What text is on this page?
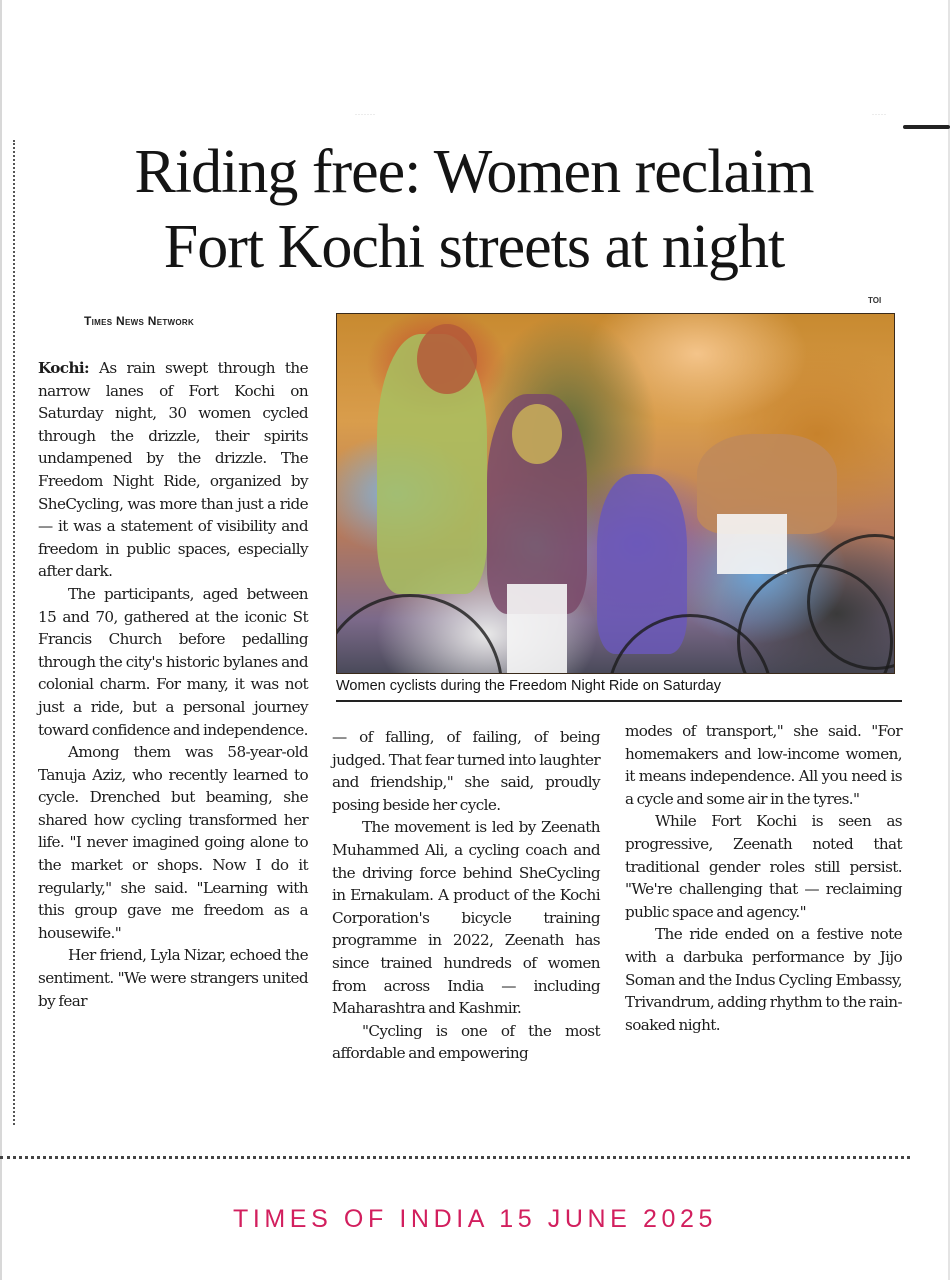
·······	·····
Riding free: Women reclaim
Fort Kochi streets at night
TOI
Times News Network
Women cyclists during the Freedom Night Ride on Saturday

Kochi: As rain swept through the narrow lanes of Fort Kochi on Saturday night, 30 women cycled through the drizzle, their spirits undampened by the drizzle. The Freedom Night Ride, organized by SheCycling, was more than just a ride — it was a statement of visibility and freedom in public spaces, especially after dark.

The participants, aged between 15 and 70, gathered at the iconic St Francis Church before pedalling through the city's historic bylanes and colonial charm. For many, it was not just a ride, but a personal journey toward confidence and independence.

Among them was 58-year-old Tanuja Aziz, who recently learned to cycle. Drenched but beaming, she shared how cycling transformed her life. "I never imagined going alone to the market or shops. Now I do it regularly," she said. "Learning with this group gave me freedom as a housewife."

Her friend, Lyla Nizar, echoed the sentiment. "We were strangers united by fear

— of falling, of failing, of being judged. That fear turned into laughter and friendship," she said, proudly posing beside her cycle.

The movement is led by Zeenath Muhammed Ali, a cycling coach and the driving force behind SheCycling in Ernakulam. A product of the Kochi Corporation's bicycle training programme in 2022, Zeenath has since trained hundreds of women from across India — including Maharashtra and Kashmir.

"Cycling is one of the most affordable and empowering

modes of transport," she said. "For homemakers and low-income women, it means independence. All you need is a cycle and some air in the tyres."

While Fort Kochi is seen as progressive, Zeenath noted that traditional gender roles still persist. "We're challenging that — reclaiming public space and agency."

The ride ended on a festive note with a darbuka performance by Jijo Soman and the Indus Cycling Embassy, Trivandrum, adding rhythm to the rain-soaked night.

TIMES OF INDIA 15 JUNE 2025
